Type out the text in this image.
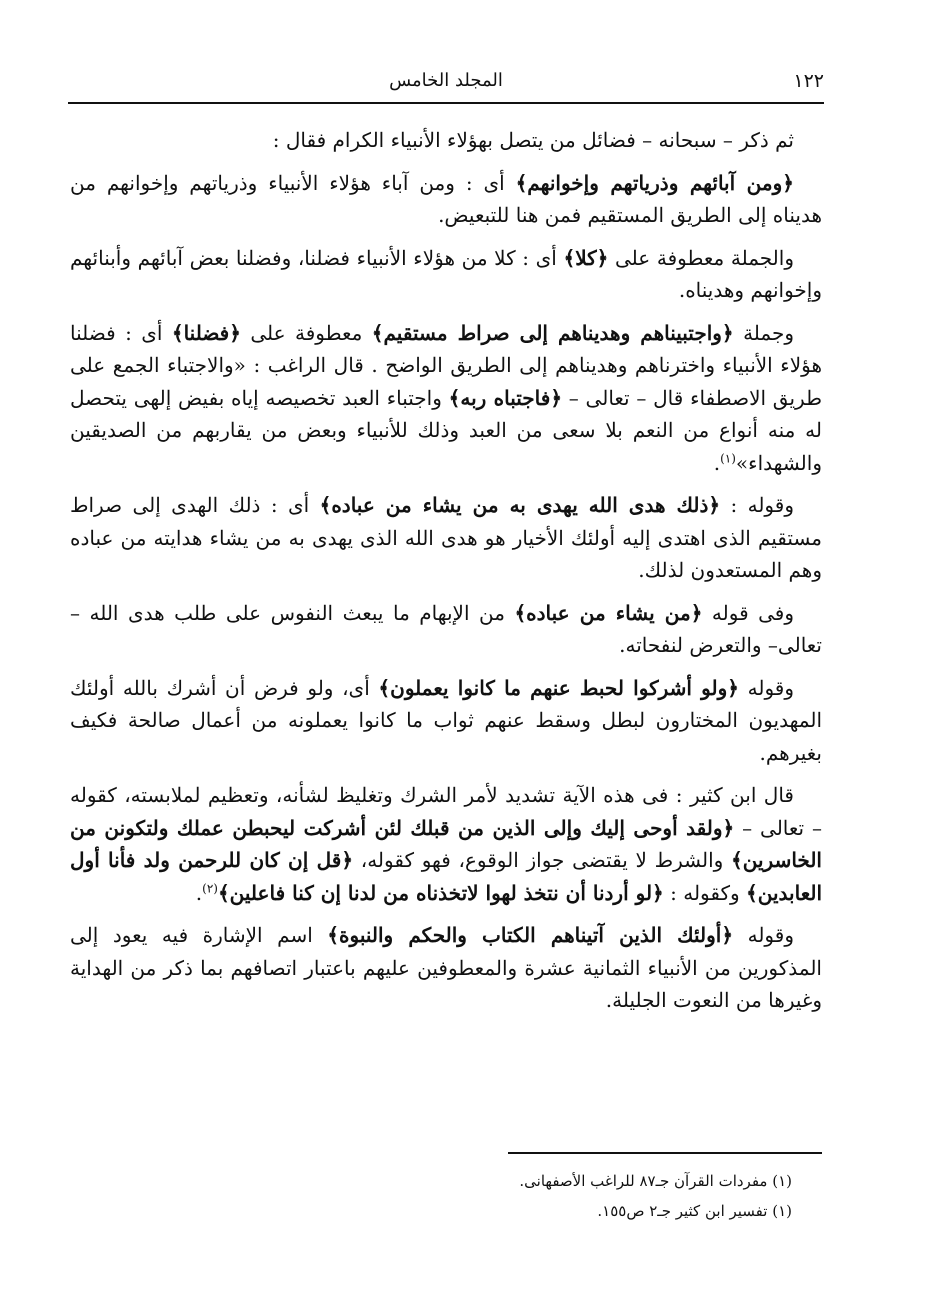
١٢٢
المجلد الخامس

ثم ذكر – سبحانه – فضائل من يتصل بهؤلاء الأنبياء الكرام فقال :

﴿ومن آبائهم وذرياتهم وإخوانهم﴾ أى : ومن آباء هؤلاء الأنبياء وذرياتهم وإخوانهم من هديناه إلى الطريق المستقيم فمن هنا للتبعيض.

والجملة معطوفة على ﴿كلا﴾ أى : كلا من هؤلاء الأنبياء فضلنا، وفضلنا بعض آبائهم وأبنائهم وإخوانهم وهديناه.

وجملة ﴿واجتبيناهم وهديناهم إلى صراط مستقيم﴾ معطوفة على ﴿فضلنا﴾ أى : فضلنا هؤلاء الأنبياء واخترناهم وهديناهم إلى الطريق الواضح . قال الراغب : «والاجتباء الجمع على طريق الاصطفاء قال – تعالى – ﴿فاجتباه ربه﴾ واجتباء العبد تخصيصه إياه بفيض إلهى يتحصل له منه أنواع من النعم بلا سعى من العبد وذلك للأنبياء وبعض من يقاربهم من الصديقين والشهداء»$^{(١)}$.

وقوله : ﴿ذلك هدى الله يهدى به من يشاء من عباده﴾ أى : ذلك الهدى إلى صراط مستقيم الذى اهتدى إليه أولئك الأخيار هو هدى الله الذى يهدى به من يشاء هدايته من عباده وهم المستعدون لذلك.

وفى قوله ﴿من يشاء من عباده﴾ من الإبهام ما يبعث النفوس على طلب هدى الله –تعالى– والتعرض لنفحاته.

وقوله ﴿ولو أشركوا لحبط عنهم ما كانوا يعملون﴾ أى، ولو فرض أن أشرك بالله أولئك المهديون المختارون لبطل وسقط عنهم ثواب ما كانوا يعملونه من أعمال صالحة فكيف بغيرهم.

قال ابن كثير : فى هذه الآية تشديد لأمر الشرك وتغليظ لشأنه، وتعظيم لملابسته، كقوله – تعالى – ﴿ولقد أوحى إليك وإلى الذين من قبلك لئن أشركت ليحبطن عملك ولتكونن من الخاسرين﴾ والشرط لا يقتضى جواز الوقوع، فهو كقوله، ﴿قل إن كان للرحمن ولد فأنا أول العابدين﴾ وكقوله : ﴿لو أردنا أن نتخذ لهوا لاتخذناه من لدنا إن كنا فاعلين﴾$^{(٢)}$.

وقوله ﴿أولئك الذين آتيناهم الكتاب والحكم والنبوة﴾ اسم الإشارة فيه يعود إلى المذكورين من الأنبياء الثمانية عشرة والمعطوفين عليهم باعتبار اتصافهم بما ذكر من الهداية وغيرها من النعوت الجليلة.

(١) مفردات القرآن جـ٨٧ للراغب الأصفهانى.

(١) تفسير ابن كثير جـ٢ ص١٥٥.
